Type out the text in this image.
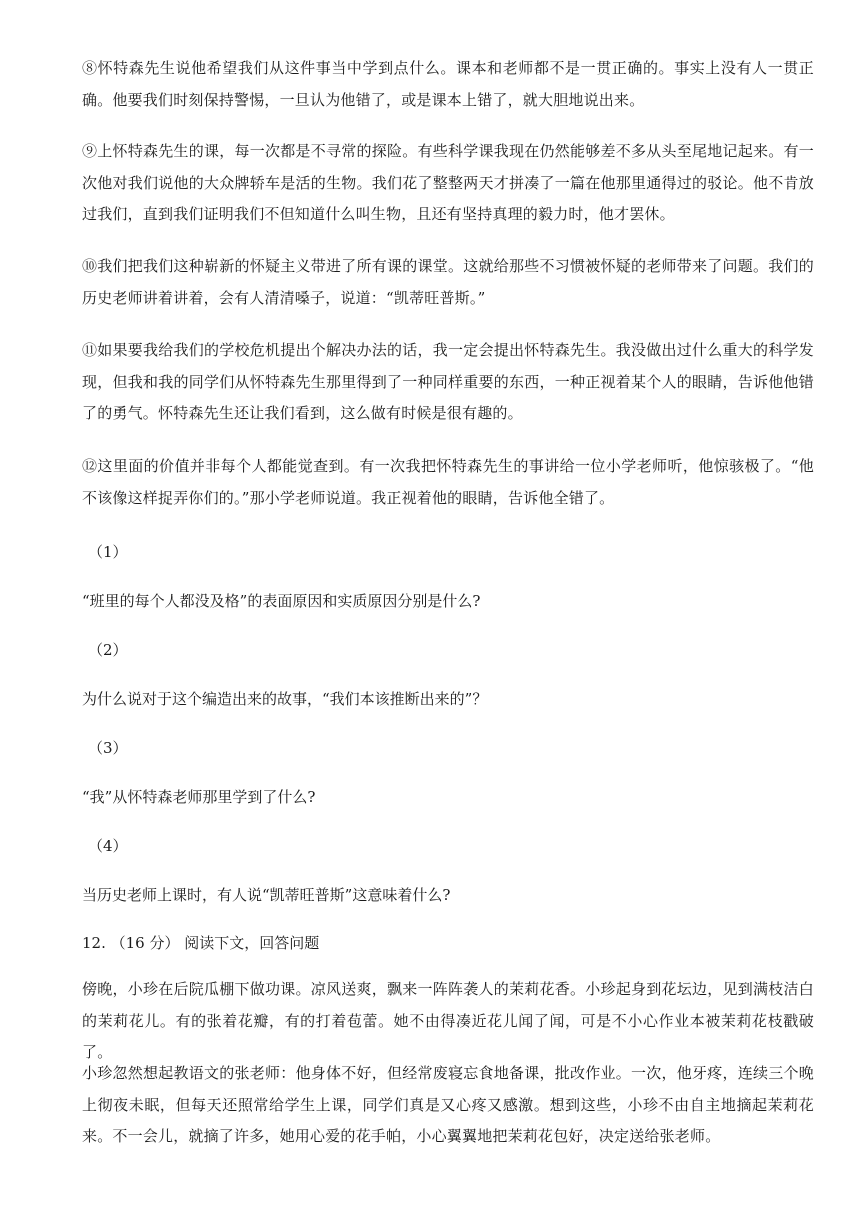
⑧怀特森先生说他希望我们从这件事当中学到点什么。课本和老师都不是一贯正确的。事实上没有人一贯正确。他要我们时刻保持警惕，一旦认为他错了，或是课本上错了，就大胆地说出来。

⑨上怀特森先生的课，每一次都是不寻常的探险。有些科学课我现在仍然能够差不多从头至尾地记起来。有一次他对我们说他的大众牌轿车是活的生物。我们花了整整两天才拼凑了一篇在他那里通得过的驳论。他不肯放过我们，直到我们证明我们不但知道什么叫生物，且还有坚持真理的毅力时，他才罢休。

⑩我们把我们这种崭新的怀疑主义带进了所有课的课堂。这就给那些不习惯被怀疑的老师带来了问题。我们的历史老师讲着讲着，会有人清清嗓子，说道：“凯蒂旺普斯。”

⑪如果要我给我们的学校危机提出个解决办法的话，我一定会提出怀特森先生。我没做出过什么重大的科学发现，但我和我的同学们从怀特森先生那里得到了一种同样重要的东西，一种正视着某个人的眼睛，告诉他他错了的勇气。怀特森先生还让我们看到，这么做有时候是很有趣的。

⑫这里面的价值并非每个人都能觉查到。有一次我把怀特森先生的事讲给一位小学老师听，他惊骇极了。“他不该像这样捉弄你们的。”那小学老师说道。我正视着他的眼睛，告诉他全错了。

（1）
“班里的每个人都没及格”的表面原因和实质原因分别是什么?
（2）
为什么说对于这个编造出来的故事，“我们本该推断出来的”？
（3）
“我”从怀特森老师那里学到了什么?
（4）
当历史老师上课时，有人说“凯蒂旺普斯”这意味着什么?
12. （16 分） 阅读下文，回答问题

傍晚，小珍在后院瓜棚下做功课。凉风送爽，飘来一阵阵袭人的茉莉花香。小珍起身到花坛边，见到满枝洁白的茉莉花儿。有的张着花瓣，有的打着苞蕾。她不由得凑近花儿闻了闻，可是不小心作业本被茉莉花枝戳破了。

小珍忽然想起教语文的张老师：他身体不好，但经常废寝忘食地备课，批改作业。一次，他牙疼，连续三个晚上彻夜未眠，但每天还照常给学生上课，同学们真是又心疼又感激。想到这些，小珍不由自主地摘起茉莉花来。不一会儿，就摘了许多，她用心爱的花手帕，小心翼翼地把茉莉花包好，决定送给张老师。
